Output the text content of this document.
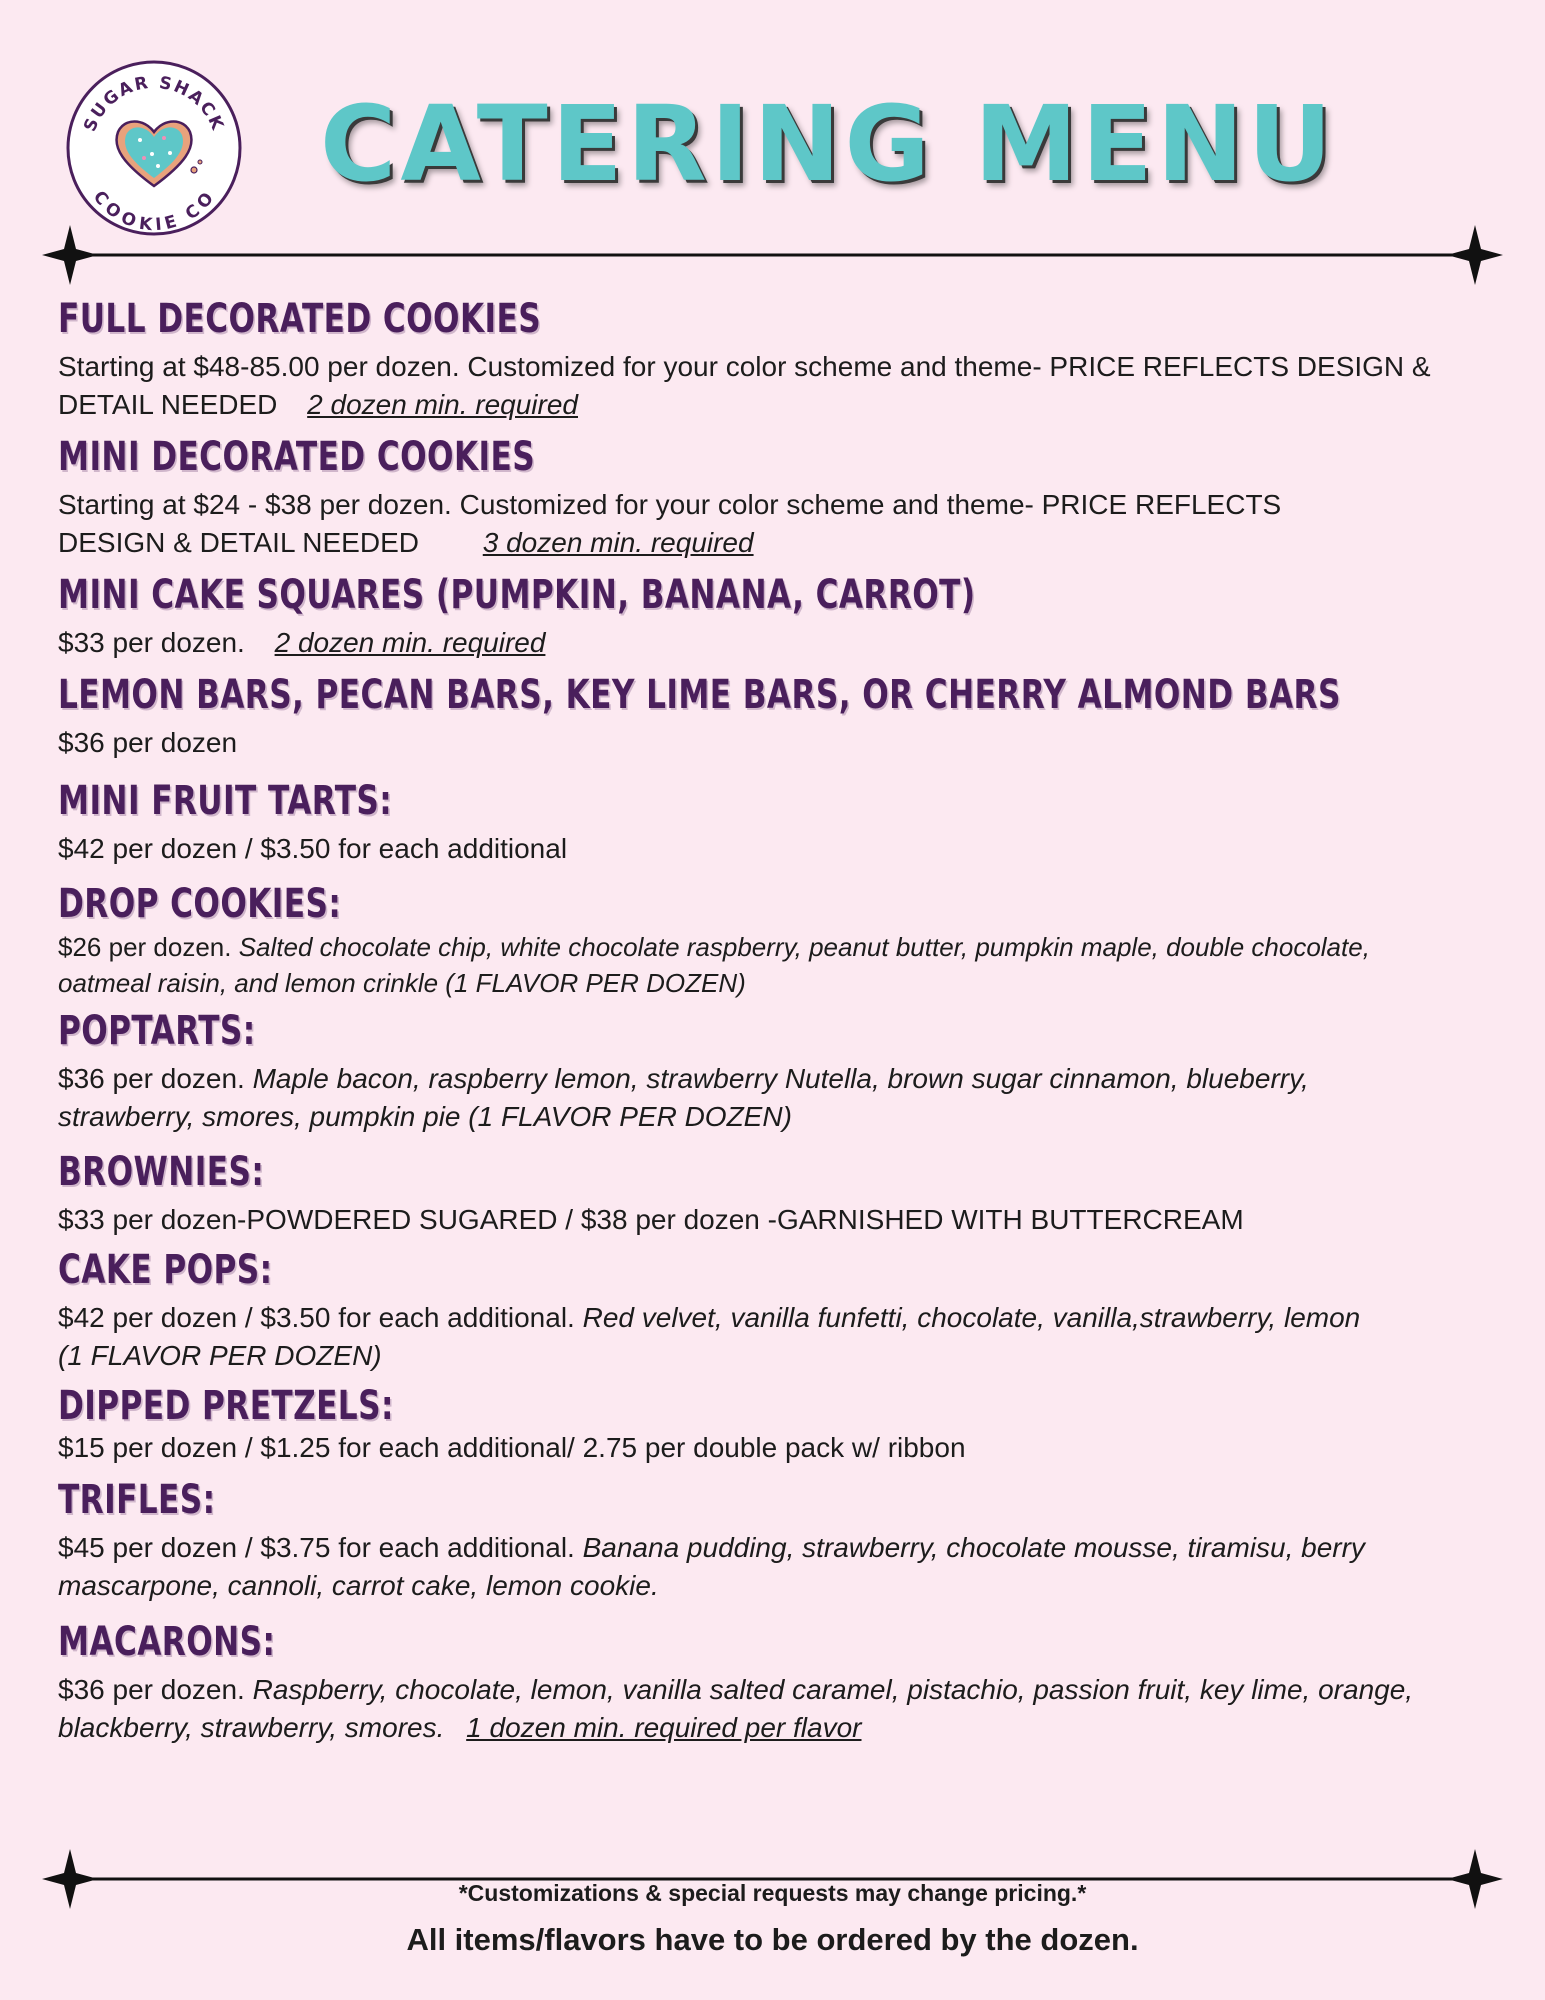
SUGAR SHACK
COOKIE CO CATERING MENU
FULL DECORATED COOKIES
Starting at $48-85.00 per dozen. Customized for your color scheme and theme- PRICE REFLECTS DESIGN & DETAIL NEEDED 2 dozen min. required
MINI DECORATED COOKIES
Starting at $24 - $38 per dozen. Customized for your color scheme and theme- PRICE REFLECTS DESIGN & DETAIL NEEDED 3 dozen min. required
MINI CAKE SQUARES (PUMPKIN, BANANA, CARROT)
$33 per dozen. 2 dozen min. required
LEMON BARS, PECAN BARS, KEY LIME BARS, OR CHERRY ALMOND BARS
$36 per dozen
MINI FRUIT TARTS:
$42 per dozen / $3.50 for each additional
DROP COOKIES:
$26 per dozen. Salted chocolate chip, white chocolate raspberry, peanut butter, pumpkin maple, double chocolate, oatmeal raisin, and lemon crinkle (1 FLAVOR PER DOZEN)
POPTARTS:
$36 per dozen. Maple bacon, raspberry lemon, strawberry Nutella, brown sugar cinnamon, blueberry, strawberry, smores, pumpkin pie (1 FLAVOR PER DOZEN)
BROWNIES:
$33 per dozen-POWDERED SUGARED / $38 per dozen -GARNISHED WITH BUTTERCREAM
CAKE POPS:
$42 per dozen / $3.50 for each additional. Red velvet, vanilla funfetti, chocolate, vanilla,strawberry, lemon (1 FLAVOR PER DOZEN)
DIPPED PRETZELS:
$15 per dozen / $1.25 for each additional/ 2.75 per double pack w/ ribbon
TRIFLES:
$45 per dozen / $3.75 for each additional. Banana pudding, strawberry, chocolate mousse, tiramisu, berry mascarpone, cannoli, carrot cake, lemon cookie.
MACARONS:
$36 per dozen. Raspberry, chocolate, lemon, vanilla salted caramel, pistachio, passion fruit, key lime, orange, blackberry, strawberry, smores. 1 dozen min. required per flavor
*Customizations & special requests may change pricing.*
All items/flavors have to be ordered by the dozen.
